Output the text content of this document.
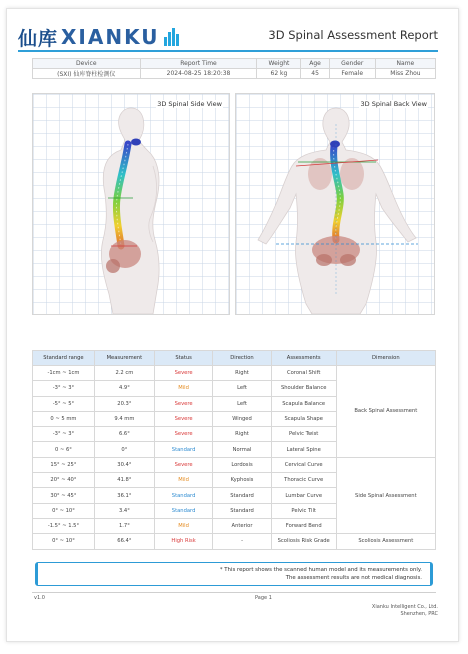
仙库 XIANKU	3D Spinal Assessment Report
Device	Report Time	Weight	Age	Gender	Name
(SXI) 仙库脊柱检测仪	2024-08-25 18:20:38	62 kg	45	Female	Miss Zhou
3D Spinal Side View	3D Spinal Back View
Standard range	Measurement	Status	Direction	Assessments	Dimension
-1cm ~ 1cm	2.2 cm	Severe	Right	Coronal Shift	Back Spinal Assessment
-3° ~ 3°	4.9°	Mild	Left	Shoulder Balance	
-5° ~ 5°	20.3°	Severe	Left	Scapula Balance	
0 ~ 5 mm	9.4 mm	Severe	Winged	Scapula Shape	
-3° ~ 3°	6.6°	Severe	Right	Pelvic Twist	
0 ~ 6°	0°	Standard	Normal	Lateral Spine	
15° ~ 25°	30.4°	Severe	Lordosis	Cervical Curve	Side Spinal Assessment
20° ~ 40°	41.8°	Mild	Kyphosis	Thoracic Curve	
30° ~ 45°	36.1°	Standard	Standard	Lumbar Curve	
0° ~ 10°	3.4°	Standard	Standard	Pelvic Tilt	
-1.5° ~ 1.5°	1.7°	Mild	Anterior	Forward Bend	
0° ~ 10°	66.4°	High Risk	-	Scoliosis Risk Grade	Scoliosis Assessment
* This report shows the scanned human model and its measurements only.
The assessment results are not medical diagnosis.
v1.0	Page 1
Xianku Intelligent Co., Ltd.
Shenzhen, PRC
